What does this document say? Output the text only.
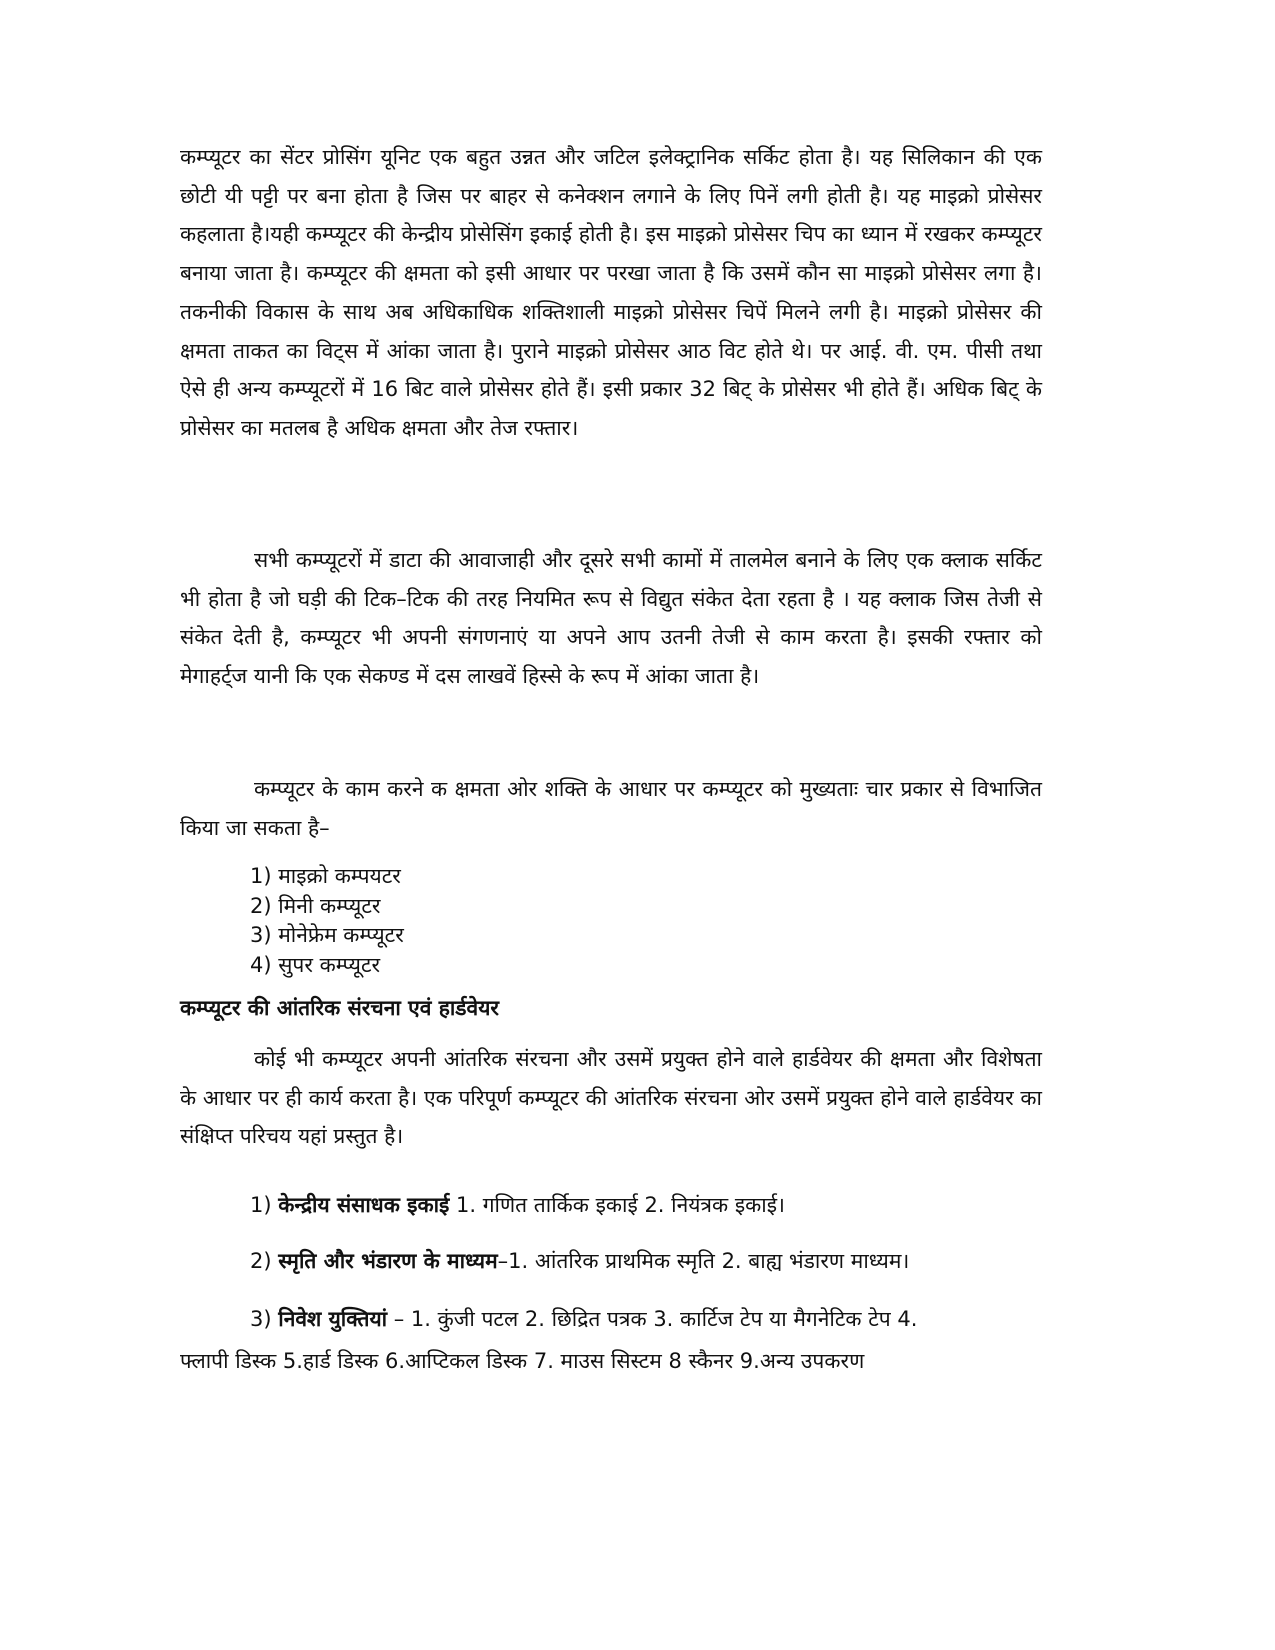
कम्प्यूटर का सेंटर प्रोसिंग यूनिट एक बहुत उन्नत और जटिल इलेक्ट्रानिक सर्किट होता है। यह सिलिकान की एक छोटी यी पट्टी पर बना होता है जिस पर बाहर से कनेक्शन लगाने के लिए पिनें लगी होती है। यह माइक्रो प्रोसेसर कहलाता है।यही कम्प्यूटर की केन्द्रीय प्रोसेसिंग इकाई होती है। इस माइक्रो प्रोसेसर चिप का ध्यान में रखकर कम्प्यूटर बनाया जाता है। कम्प्यूटर की क्षमता को इसी आधार पर परखा जाता है कि उसमें कौन सा माइक्रो प्रोसेसर लगा है। तकनीकी विकास के साथ अब अधिकाधिक शक्तिशाली माइक्रो प्रोसेसर चिपें मिलने लगी है। माइक्रो प्रोसेसर की क्षमता ताकत का विट्स में आंका जाता है। पुराने माइक्रो प्रोसेसर आठ विट होते थे। पर आई. वी. एम. पीसी तथा ऐसे ही अन्य कम्प्यूटरों में 16 बिट वाले प्रोसेसर होते हैं। इसी प्रकार 32 बिट् के प्रोसेसर भी होते हैं। अधिक बिट् के प्रोसेसर का मतलब है अधिक क्षमता और तेज रफ्तार।

सभी कम्प्यूटरों में डाटा की आवाजाही और दूसरे सभी कामों में तालमेल बनाने के लिए एक क्लाक सर्किट भी होता है जो घड़ी की टिक–टिक की तरह नियमित रूप से विद्युत संकेत देता रहता है । यह क्लाक जिस तेजी से संकेत देती है, कम्प्यूटर भी अपनी संगणनाएं या अपने आप उतनी तेजी से काम करता है। इसकी रफ्तार को मेगाहर्ट्ज यानी कि एक सेकण्ड में दस लाखवें हिस्से के रूप में आंका जाता है।

कम्प्यूटर के काम करने क क्षमता ओर शक्ति के आधार पर कम्प्यूटर को मुख्यताः चार प्रकार से विभाजित किया जा सकता है–

1) माइक्रो कम्पयटर
2) मिनी कम्प्यूटर
3) मोनेफ्रेम कम्प्यूटर
4) सुपर कम्प्यूटर
कम्प्यूटर की आंतरिक संरचना एवं हार्डवेयर

कोई भी कम्प्यूटर अपनी आंतरिक संरचना और उसमें प्रयुक्त होने वाले हार्डवेयर की क्षमता और विशेषता के आधार पर ही कार्य करता है। एक परिपूर्ण कम्प्यूटर की आंतरिक संरचना ओर उसमें प्रयुक्त होने वाले हार्डवेयर का संक्षिप्त परिचय यहां प्रस्तुत है।

1) केन्द्रीय संसाधक इकाई 1. गणित तार्किक इकाई 2. नियंत्रक इकाई।

2) स्मृति और भंडारण के माध्यम–1. आंतरिक प्राथमिक स्मृति 2. बाह्य भंडारण माध्यम।

3) निवेश युक्तियां – 1. कुंजी पटल 2. छिद्रित पत्रक 3. कार्टिज टेप या मैगनेटिक टेप 4.

फ्लापी डिस्क 5.हार्ड डिस्क 6.आप्टिकल डिस्क 7. माउस सिस्टम 8 स्कैनर 9.अन्य उपकरण
